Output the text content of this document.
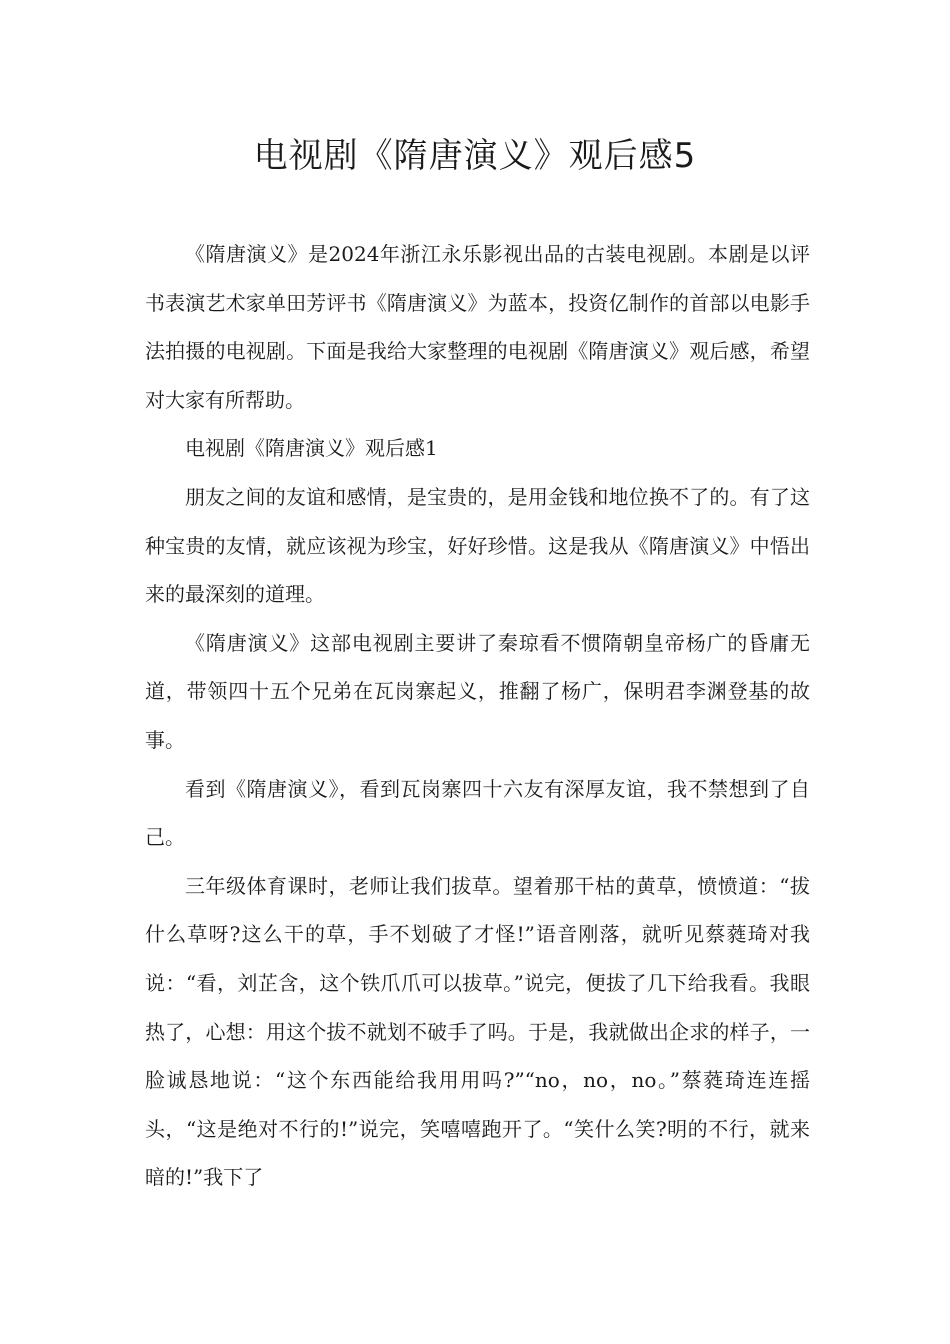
电视剧《隋唐演义》观后感5

《隋唐演义》是2024年浙江永乐影视出品的古装电视剧。本剧是以评书表演艺术家单田芳评书《隋唐演义》为蓝本，投资亿制作的首部以电影手法拍摄的电视剧。下面是我给大家整理的电视剧《隋唐演义》观后感，希望对大家有所帮助。

电视剧《隋唐演义》观后感1

朋友之间的友谊和感情，是宝贵的，是用金钱和地位换不了的。有了这种宝贵的友情，就应该视为珍宝，好好珍惜。这是我从《隋唐演义》中悟出来的最深刻的道理。

《隋唐演义》这部电视剧主要讲了秦琼看不惯隋朝皇帝杨广的昏庸无道，带领四十五个兄弟在瓦岗寨起义，推翻了杨广，保明君李渊登基的故事。

看到《隋唐演义》，看到瓦岗寨四十六友有深厚友谊，我不禁想到了自己。

三年级体育课时，老师让我们拔草。望着那干枯的黄草，愤愤道：“拔什么草呀?这么干的草，手不划破了才怪!”语音刚落，就听见蔡蕤琦对我说：“看，刘芷含，这个铁爪爪可以拔草。”说完，便拔了几下给我看。我眼热了，心想：用这个拔不就划不破手了吗。于是，我就做出企求的样子，一脸诚恳地说：“这个东西能给我用用吗?”“no，no，no。”蔡蕤琦连连摇头，“这是绝对不行的!”说完，笑嘻嘻跑开了。“笑什么笑?明的不行，就来暗的!”我下了
